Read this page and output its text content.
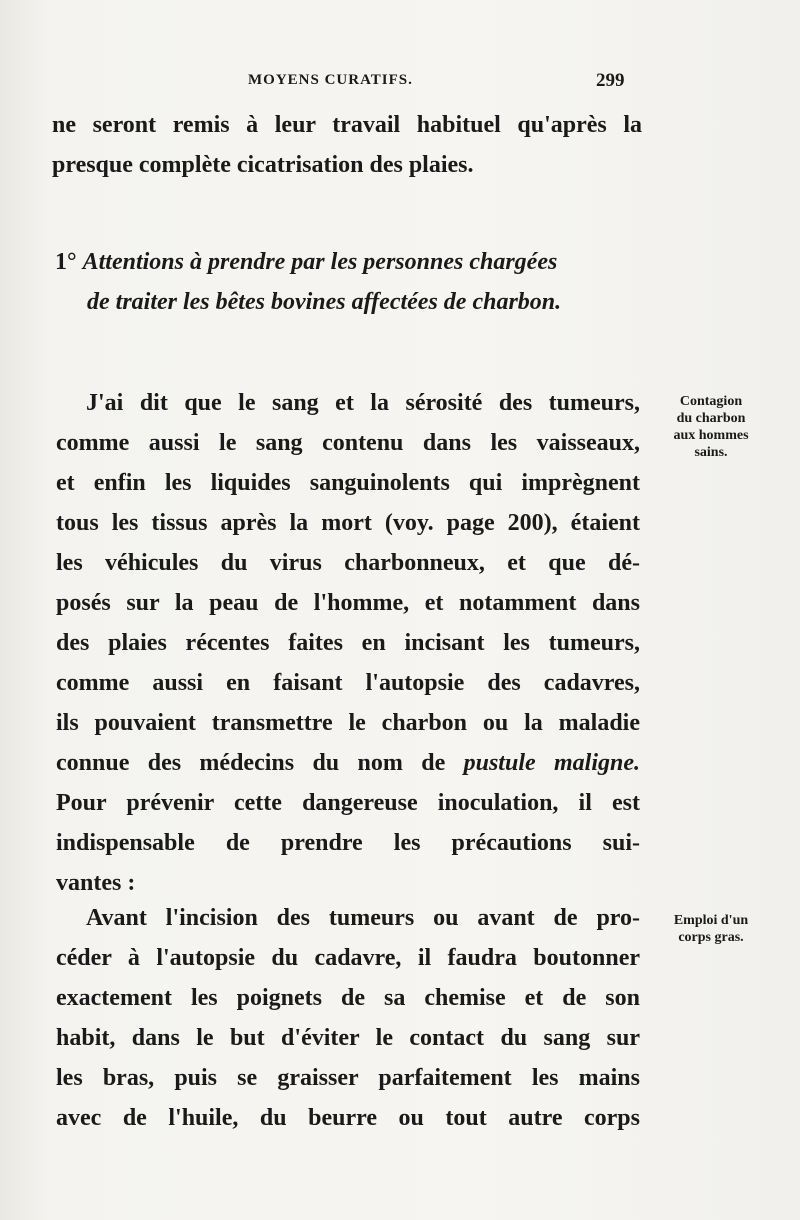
MOYENS CURATIFS.	299
ne seront remis à leur travail habituel qu'après la
presque complète cicatrisation des plaies.
1° Attentions à prendre par les personnes chargées
de traiter les bêtes bovines affectées de charbon.
J'ai dit que le sang et la sérosité des tumeurs,
comme aussi le sang contenu dans les vaisseaux,
et enfin les liquides sanguinolents qui imprègnent
tous les tissus après la mort (voy. page 200), étaient
les véhicules du virus charbonneux, et que dé-
posés sur la peau de l'homme, et notamment dans
des plaies récentes faites en incisant les tumeurs,
comme aussi en faisant l'autopsie des cadavres,
ils pouvaient transmettre le charbon ou la maladie
connue des médecins du nom de pustule maligne.
Pour prévenir cette dangereuse inoculation, il est
indispensable de prendre les précautions sui-
vantes :
Avant l'incision des tumeurs ou avant de pro-
céder à l'autopsie du cadavre, il faudra boutonner
exactement les poignets de sa chemise et de son
habit, dans le but d'éviter le contact du sang sur
les bras, puis se graisser parfaitement les mains
avec de l'huile, du beurre ou tout autre corps
Contagion
du charbon
aux hommes
sains.
Emploi d'un
corps gras.
